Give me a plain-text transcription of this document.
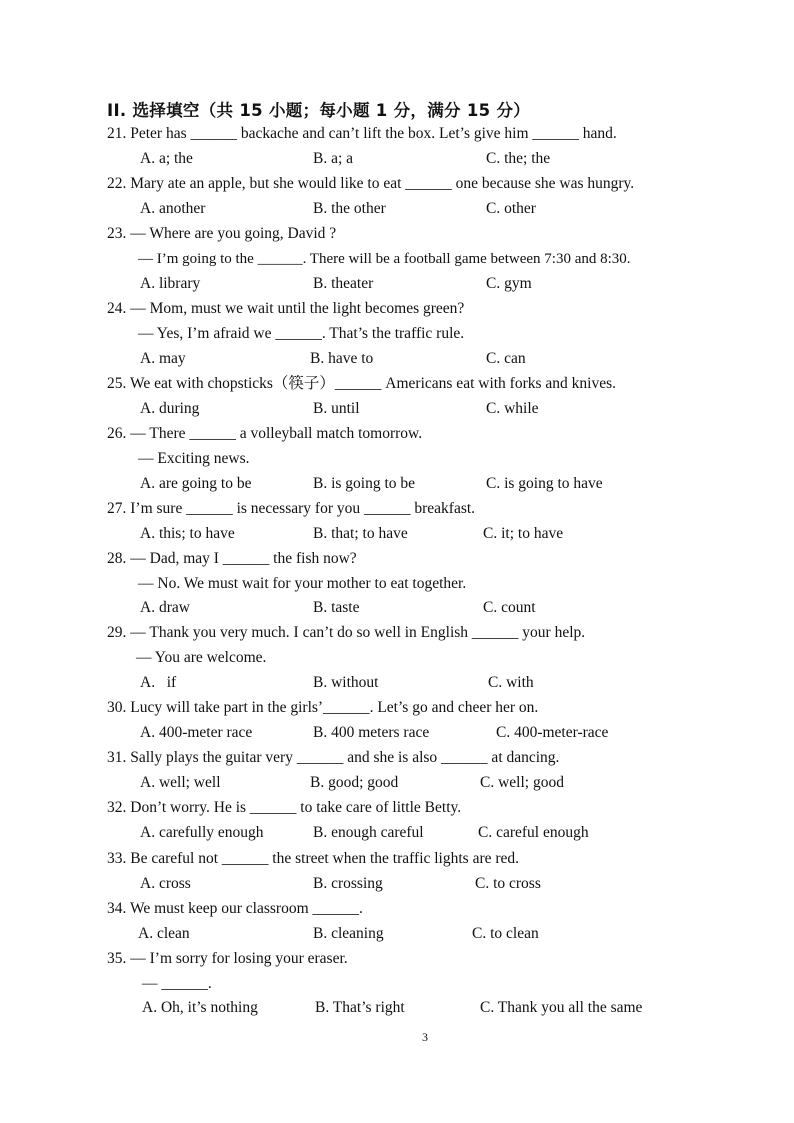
II. 选择填空（共 15 小题；每小题 1 分，满分 15 分）
21. Peter has ______ backache and can’t lift the box. Let’s give him ______ hand.
A. a; the	B. a; a	C. the; the
22. Mary ate an apple, but she would like to eat ______ one because she was hungry.
A. another	B. the other	C. other
23. — Where are you going, David ?
— I’m going to the ______. There will be a football game between 7:30 and 8:30.
A. library	B. theater	C. gym
24. — Mom, must we wait until the light becomes green?
— Yes, I’m afraid we ______. That’s the traffic rule.
A. may	B. have to	C. can
25. We eat with chopsticks（筷子）______ Americans eat with forks and knives.
A. during	B. until	C. while
26. — There ______ a volleyball match tomorrow.
— Exciting news.
A. are going to be	B. is going to be	C. is going to have
27. I’m sure ______ is necessary for you ______ breakfast.
A. this; to have	B. that; to have	C. it; to have
28. — Dad, may I ______ the fish now?
— No. We must wait for your mother to eat together.
A. draw	B. taste	C. count
29. — Thank you very much. I can’t do so well in English ______ your help.
— You are welcome.
A.   if	B. without	C. with
30. Lucy will take part in the girls’______. Let’s go and cheer her on.
A. 400-meter race	B. 400 meters race	C. 400-meter-race
31. Sally plays the guitar very ______ and she is also ______ at dancing.
A. well; well	B. good; good	C. well; good
32. Don’t worry. He is ______ to take care of little Betty.
A. carefully enough	B. enough careful	C. careful enough
33. Be careful not ______ the street when the traffic lights are red.
A. cross	B. crossing	C. to cross
34. We must keep our classroom ______.
A. clean	B. cleaning	C. to clean
35. — I’m sorry for losing your eraser.
— ______.
A. Oh, it’s nothing	B. That’s right	C. Thank you all the same
3
